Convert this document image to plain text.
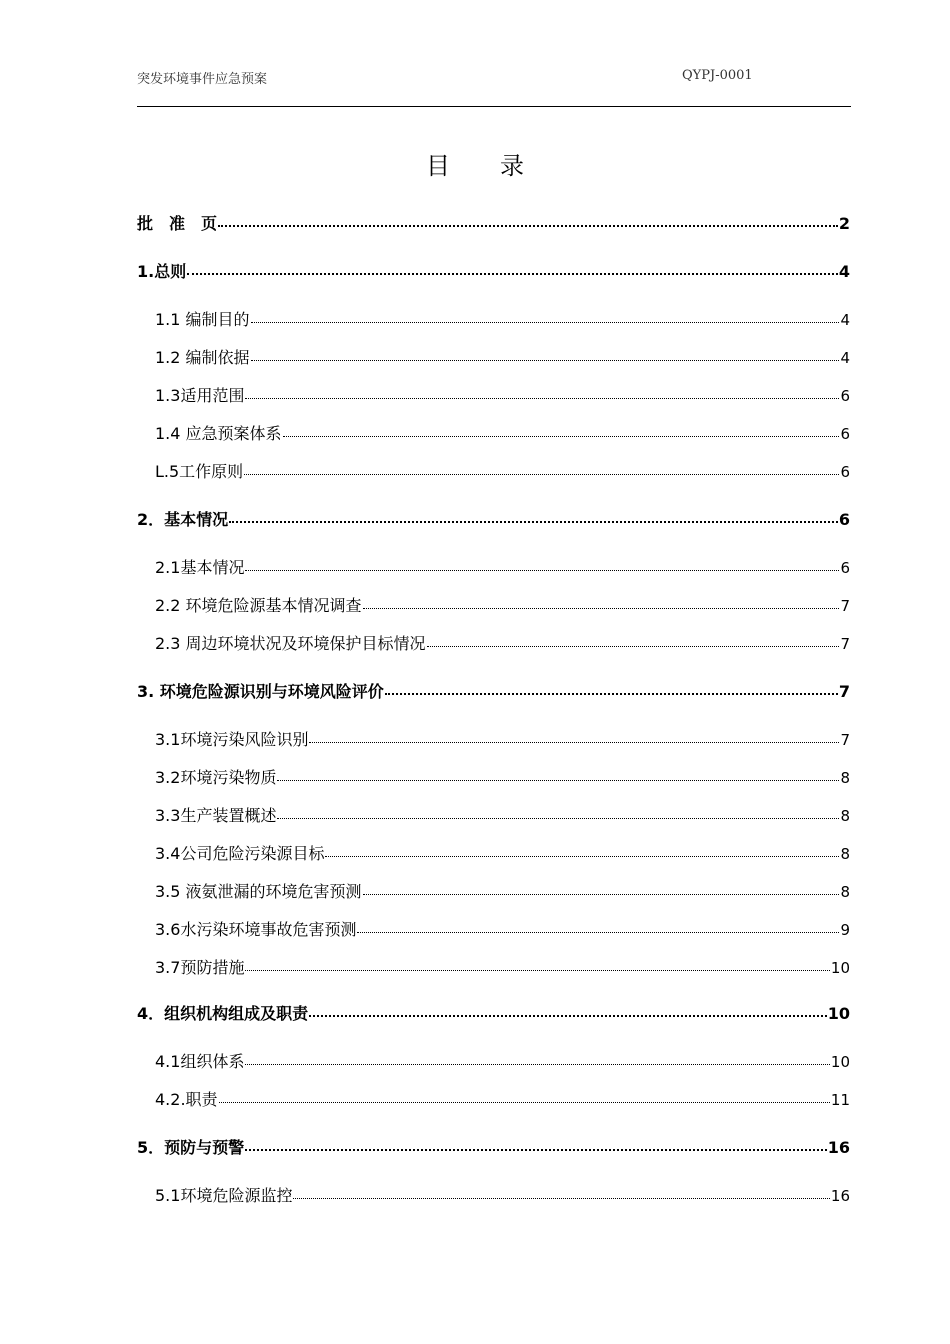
突发环境事件应急预案	QYPJ-0001
目录
批　准　页	2
1.总则	4
1.1 编制目的	4
1.2 编制依据	4
1.3适用范围	6
1.4 应急预案体系	6
L.5工作原则	6
2．基本情况	6
2.1基本情况	6
2.2 环境危险源基本情况调查	7
2.3 周边环境状况及环境保护目标情况	7
3. 环境危险源识别与环境风险评价	7
3.1环境污染风险识别	7
3.2环境污染物质	8
3.3生产装置概述	8
3.4公司危险污染源目标	8
3.5 液氨泄漏的环境危害预测	8
3.6水污染环境事故危害预测	9
3.7预防措施	10
4．组织机构组成及职责	10
4.1组织体系	10
4.2.职责	11
5．预防与预警	16
5.1环境危险源监控	16
